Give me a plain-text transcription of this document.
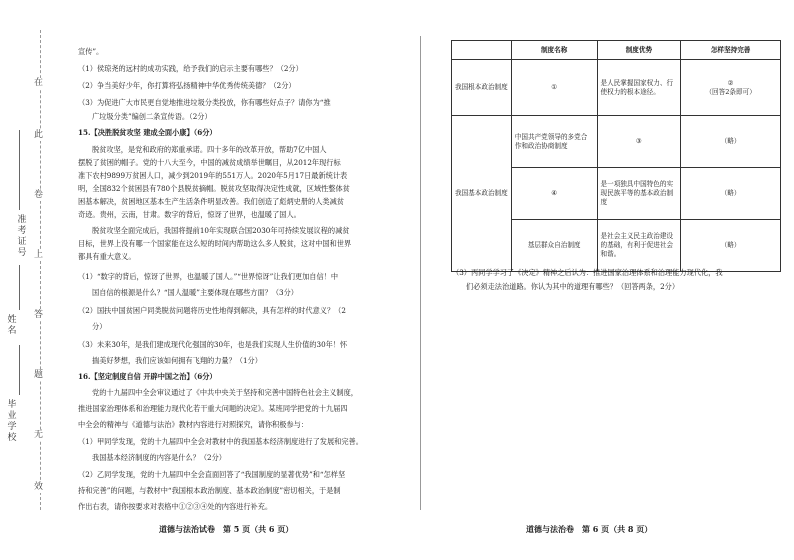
在
此
卷
上
答
题
无
效
准考证号
姓名
毕业学校
宣传”。
（1）侯琼尧的远村的成功实践，给予我们的启示主要有哪些？（2分）
（2）争当美好少年，你打算将弘扬精神中华优秀传统美德？（2分）
（3）为促进广大市民更自觉地推进垃圾分类投放，你有哪些好点子？请你为“推
广垃圾分类”编创二条宣传语。（2分）
15.【决胜脱贫攻坚 建成全面小康】（6分）
脱贫攻坚，是党和政府的郑重承诺。四十多年的改革开放，帮助7亿中国人
摆脱了贫困的帽子。党的十八大至今，中国的减贫成绩举世瞩目，从2012年现行标
准下农村9899万贫困人口，减少到2019年的551万人。2020年5月17日最新统计表
明，全国832个贫困县有780个县脱贫摘帽。脱贫攻坚取得决定性成就，区域性整体贫
困基本解决，贫困地区基本生产生活条件明显改善。我们创造了彪炳史册的人类减贫
奇迹。贵州，云南，甘肃。数字的背后，惊讶了世界，也温暖了国人。
脱贫攻坚全面完成后，我国将提前10年实现联合国2030年可持续发展议程的减贫
目标，世界上没有哪一个国家能在这么短的时间内帮助这么多人脱贫，这对中国和世界
都具有重大意义。
（1）“数字的背后，惊讶了世界，也温暖了国人。”“世界惊讶”让我们更加自信！中
国自信的根源是什么？“国人温暖”主要体现在哪些方面？（3分）
（2）国扶中国贫困户同类脱贫问题将历史性地得到解决，具有怎样的时代意义？（2
分）
（3）未来30年，是我们建成现代化强国的30年，也是我们实现人生价值的30年！怀
揣美好梦想，我们应该如何拥有飞翔的力量？（1分）
16.【坚定制度自信 开辟中国之治】（6分）
党的十九届四中全会审议通过了《中共中央关于坚持和完善中国特色社会主义制度，
推进国家治理体系和治理能力现代化若干重大问题的决定》。某班同学把党的十九届四
中全会的精神与《道德与法治》教材内容进行对照探究，请你积极参与：
（1）甲同学发现，党的十九届四中全会对教材中的我国基本经济制度进行了发展和完善。
我国基本经济制度的内容是什么？（2分）
（2）乙同学发现，党的十九届四中全会直面回答了“我国制度的显著优势”和“怎样坚
持和完善”的问题，与教材中“我国根本政治制度、基本政治制度”密切相关，于是制
作出右表，请你按要求对表格中①②③④处的内容进行补充。
道德与法治试卷　第 5 页（共 6 页）
	制度名称	制度优势	怎样坚持完善
我国根本政治制度	①	是人民掌握国家权力、行使权力的根本途径。	②
（回答2条即可）
我国基本政治制度	中国共产党领导的多党合作和政治协商制度	③	（略）
	④	是一项独具中国特色的实现民族平等的基本政治制度	（略）
	基层群众自治制度	是社会主义民主政治建设的基础，有利于促进社会和谐。	（略）
（3）丙同学学习了《决定》精神之后认为：推进国家治理体系和治理能力现代化，我
们必须走法治道路。你认为其中的道理有哪些？（回答两条，2分）
道德与法治卷　第 6 页（共 8 页）
